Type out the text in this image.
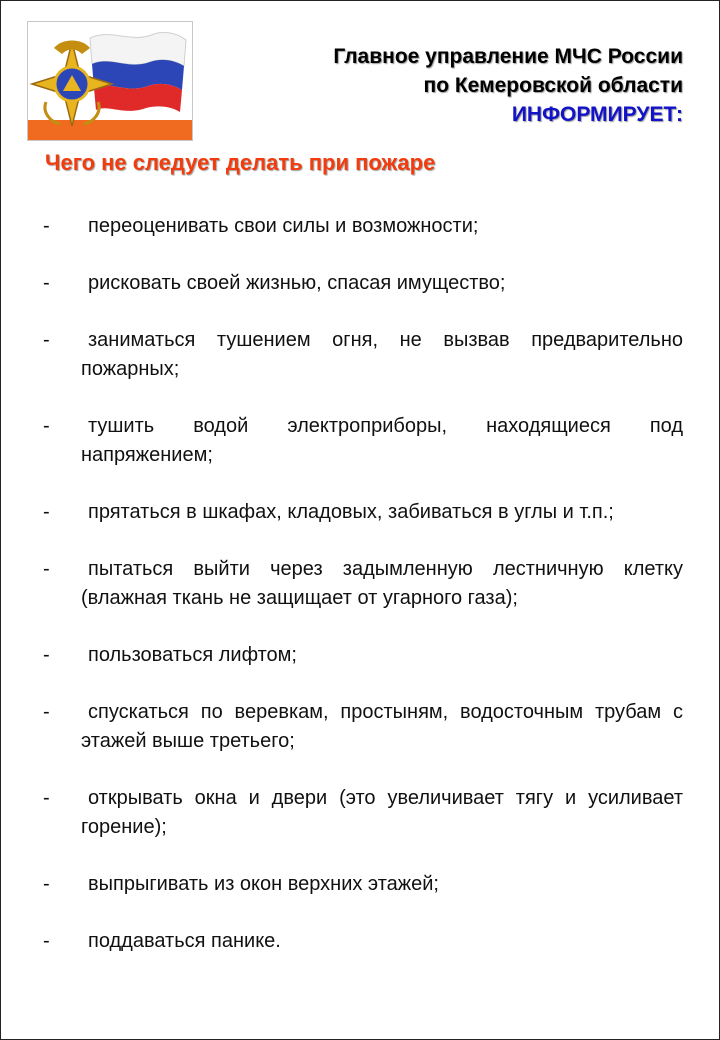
Главное управление МЧС России
по Кемеровской области
ИНФОРМИРУЕТ:
Чего не следует делать при пожаре
-	переоценивать свои силы и возможности;
-	рисковать своей жизнью, спасая имущество;
-	заниматься тушением огня, не вызвав предварительно пожарных;
-	тушить водой электроприборы, находящиеся под напряжением;
-	прятаться в шкафах, кладовых, забиваться в углы и т.п.;
-	пытаться выйти через задымленную лестничную клетку (влажная ткань не защищает от угарного газа);
-	пользоваться лифтом;
-	спускаться по веревкам, простыням, водосточным трубам с этажей выше третьего;
-	открывать окна и двери (это увеличивает тягу и усиливает горение);
-	выпрыгивать из окон верхних этажей;
-	поддаваться панике.
